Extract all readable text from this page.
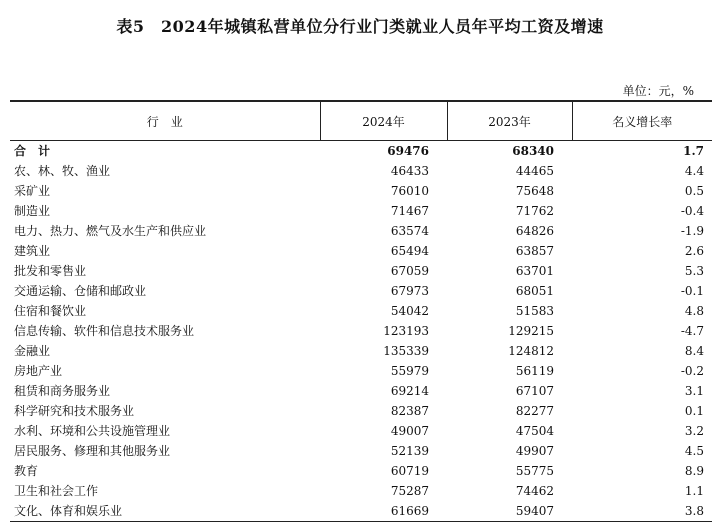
表5　2024年城镇私营单位分行业门类就业人员年平均工资及增速
单位：元，%
行　业	2024年	2023年	名义增长率
合　计	69476	68340	1.7
农、林、牧、渔业	46433	44465	4.4
采矿业	76010	75648	0.5
制造业	71467	71762	-0.4
电力、热力、燃气及水生产和供应业	63574	64826	-1.9
建筑业	65494	63857	2.6
批发和零售业	67059	63701	5.3
交通运输、仓储和邮政业	67973	68051	-0.1
住宿和餐饮业	54042	51583	4.8
信息传输、软件和信息技术服务业	123193	129215	-4.7
金融业	135339	124812	8.4
房地产业	55979	56119	-0.2
租赁和商务服务业	69214	67107	3.1
科学研究和技术服务业	82387	82277	0.1
水利、环境和公共设施管理业	49007	47504	3.2
居民服务、修理和其他服务业	52139	49907	4.5
教育	60719	55775	8.9
卫生和社会工作	75287	74462	1.1
文化、体育和娱乐业	61669	59407	3.8
